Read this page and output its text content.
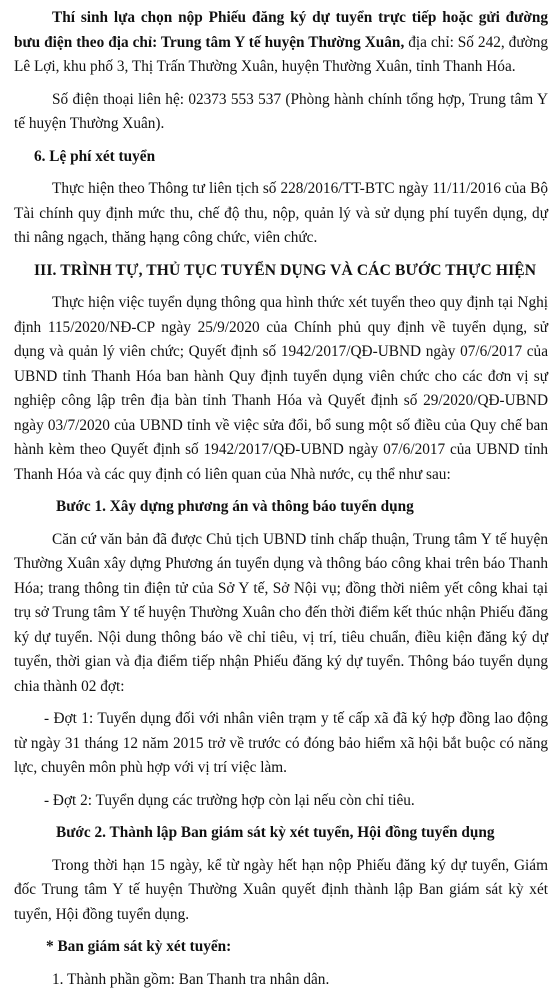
Thí sinh lựa chọn nộp Phiếu đăng ký dự tuyển trực tiếp hoặc gửi đường bưu điện theo địa chỉ: Trung tâm Y tế huyện Thường Xuân, địa chỉ: Số 242, đường Lê Lợi, khu phố 3, Thị Trấn Thường Xuân, huyện Thường Xuân, tỉnh Thanh Hóa.

Số điện thoại liên hệ: 02373 553 537 (Phòng hành chính tổng hợp, Trung tâm Y tế huyện Thường Xuân).

6. Lệ phí xét tuyển

Thực hiện theo Thông tư liên tịch số 228/2016/TT-BTC ngày 11/11/2016 của Bộ Tài chính quy định mức thu, chế độ thu, nộp, quản lý và sử dụng phí tuyển dụng, dự thi nâng ngạch, thăng hạng công chức, viên chức.

III. TRÌNH TỰ, THỦ TỤC TUYỂN DỤNG VÀ CÁC BƯỚC THỰC HIỆN

Thực hiện việc tuyển dụng thông qua hình thức xét tuyển theo quy định tại Nghị định 115/2020/NĐ-CP ngày 25/9/2020 của Chính phủ quy định về tuyển dụng, sử dụng và quản lý viên chức; Quyết định số 1942/2017/QĐ-UBND ngày 07/6/2017 của UBND tỉnh Thanh Hóa ban hành Quy định tuyển dụng viên chức cho các đơn vị sự nghiệp công lập trên địa bàn tỉnh Thanh Hóa và Quyết định số 29/2020/QĐ-UBND ngày 03/7/2020 của UBND tỉnh về việc sửa đổi, bổ sung một số điều của Quy chế ban hành kèm theo Quyết định số 1942/2017/QĐ-UBND ngày 07/6/2017 của UBND tỉnh Thanh Hóa và các quy định có liên quan của Nhà nước, cụ thể như sau:

Bước 1. Xây dựng phương án và thông báo tuyển dụng

Căn cứ văn bản đã được Chủ tịch UBND tỉnh chấp thuận, Trung tâm Y tế huyện Thường Xuân xây dựng Phương án tuyển dụng và thông báo công khai trên báo Thanh Hóa; trang thông tin điện tử của Sở Y tế, Sở Nội vụ; đồng thời niêm yết công khai tại trụ sở Trung tâm Y tế huyện Thường Xuân cho đến thời điểm kết thúc nhận Phiếu đăng ký dự tuyển. Nội dung thông báo về chỉ tiêu, vị trí, tiêu chuẩn, điều kiện đăng ký dự tuyển, thời gian và địa điểm tiếp nhận Phiếu đăng ký dự tuyển. Thông báo tuyển dụng chia thành 02 đợt:

- Đợt 1: Tuyển dụng đối với nhân viên trạm y tế cấp xã đã ký hợp đồng lao động từ ngày 31 tháng 12 năm 2015 trở về trước có đóng bảo hiểm xã hội bắt buộc có năng lực, chuyên môn phù hợp với vị trí việc làm.

- Đợt 2: Tuyển dụng các trường hợp còn lại nếu còn chỉ tiêu.

Bước 2. Thành lập Ban giám sát kỳ xét tuyển, Hội đồng tuyển dụng

Trong thời hạn 15 ngày, kể từ ngày hết hạn nộp Phiếu đăng ký dự tuyển, Giám đốc Trung tâm Y tế huyện Thường Xuân quyết định thành lập Ban giám sát kỳ xét tuyển, Hội đồng tuyển dụng.

* Ban giám sát kỳ xét tuyển:

1. Thành phần gồm: Ban Thanh tra nhân dân.
